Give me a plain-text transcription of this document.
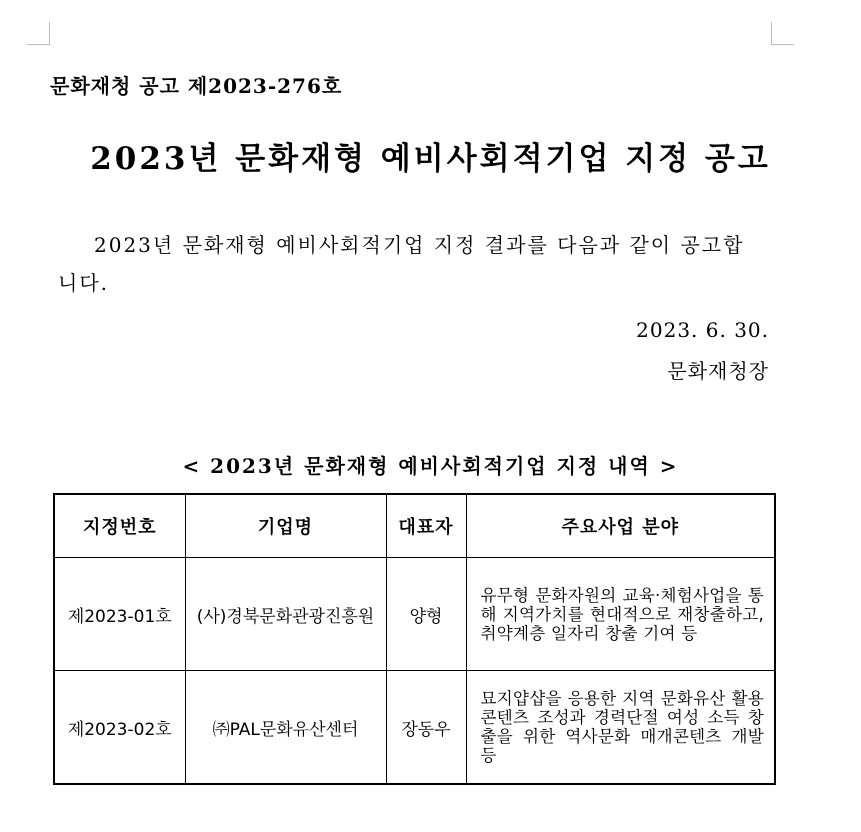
문화재청 공고 제2023-276호
2023년 문화재형 예비사회적기업 지정 공고
2023년 문화재형 예비사회적기업 지정 결과를 다음과 같이 공고합니다.
2023. 6. 30.
문화재청장
< 2023년 문화재형 예비사회적기업 지정 내역 >
지정번호	기업명	대표자	주요사업 분야
제2023-01호	(사)경북문화관광진흥원	양형	유무형 문화자원의 교육·체험사업을 통해 지역가치를 현대적으로 재창출하고, 취약계층 일자리 창출 기여 등
제2023-02호	㈜PAL문화유산센터	장동우	묘지얍샵을 응용한 지역 문화유산 활용 콘텐츠 조성과 경력단절 여성 소득 창출을 위한 역사문화 매개콘텐츠 개발 등
